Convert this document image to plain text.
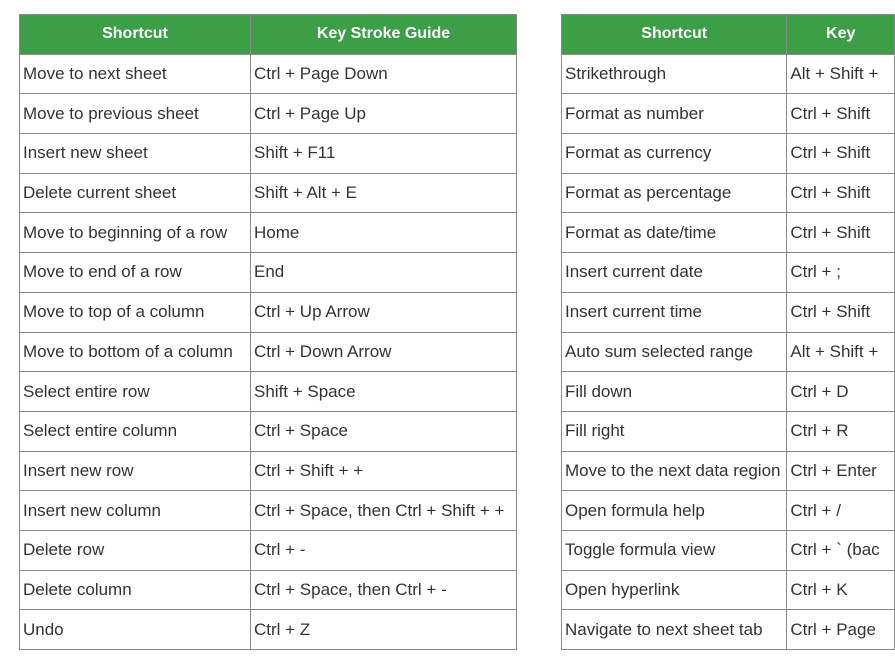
Shortcut	Key Stroke Guide
Move to next sheet	Ctrl + Page Down
Move to previous sheet	Ctrl + Page Up
Insert new sheet	Shift + F11
Delete current sheet	Shift + Alt + E
Move to beginning of a row	Home
Move to end of a row	End
Move to top of a column	Ctrl + Up Arrow
Move to bottom of a column	Ctrl + Down Arrow
Select entire row	Shift + Space
Select entire column	Ctrl + Space
Insert new row	Ctrl + Shift + +
Insert new column	Ctrl + Space, then Ctrl + Shift + +
Delete row	Ctrl + -
Delete column	Ctrl + Space, then Ctrl + -
Undo	Ctrl + Z
Shortcut	Key
Strikethrough	Alt + Shift +
Format as number	Ctrl + Shift
Format as currency	Ctrl + Shift
Format as percentage	Ctrl + Shift
Format as date/time	Ctrl + Shift
Insert current date	Ctrl + ;
Insert current time	Ctrl + Shift
Auto sum selected range	Alt + Shift +
Fill down	Ctrl + D
Fill right	Ctrl + R
Move to the next data region	Ctrl + Enter
Open formula help	Ctrl + /
Toggle formula view	Ctrl + ` (bac
Open hyperlink	Ctrl + K
Navigate to next sheet tab	Ctrl + Page
